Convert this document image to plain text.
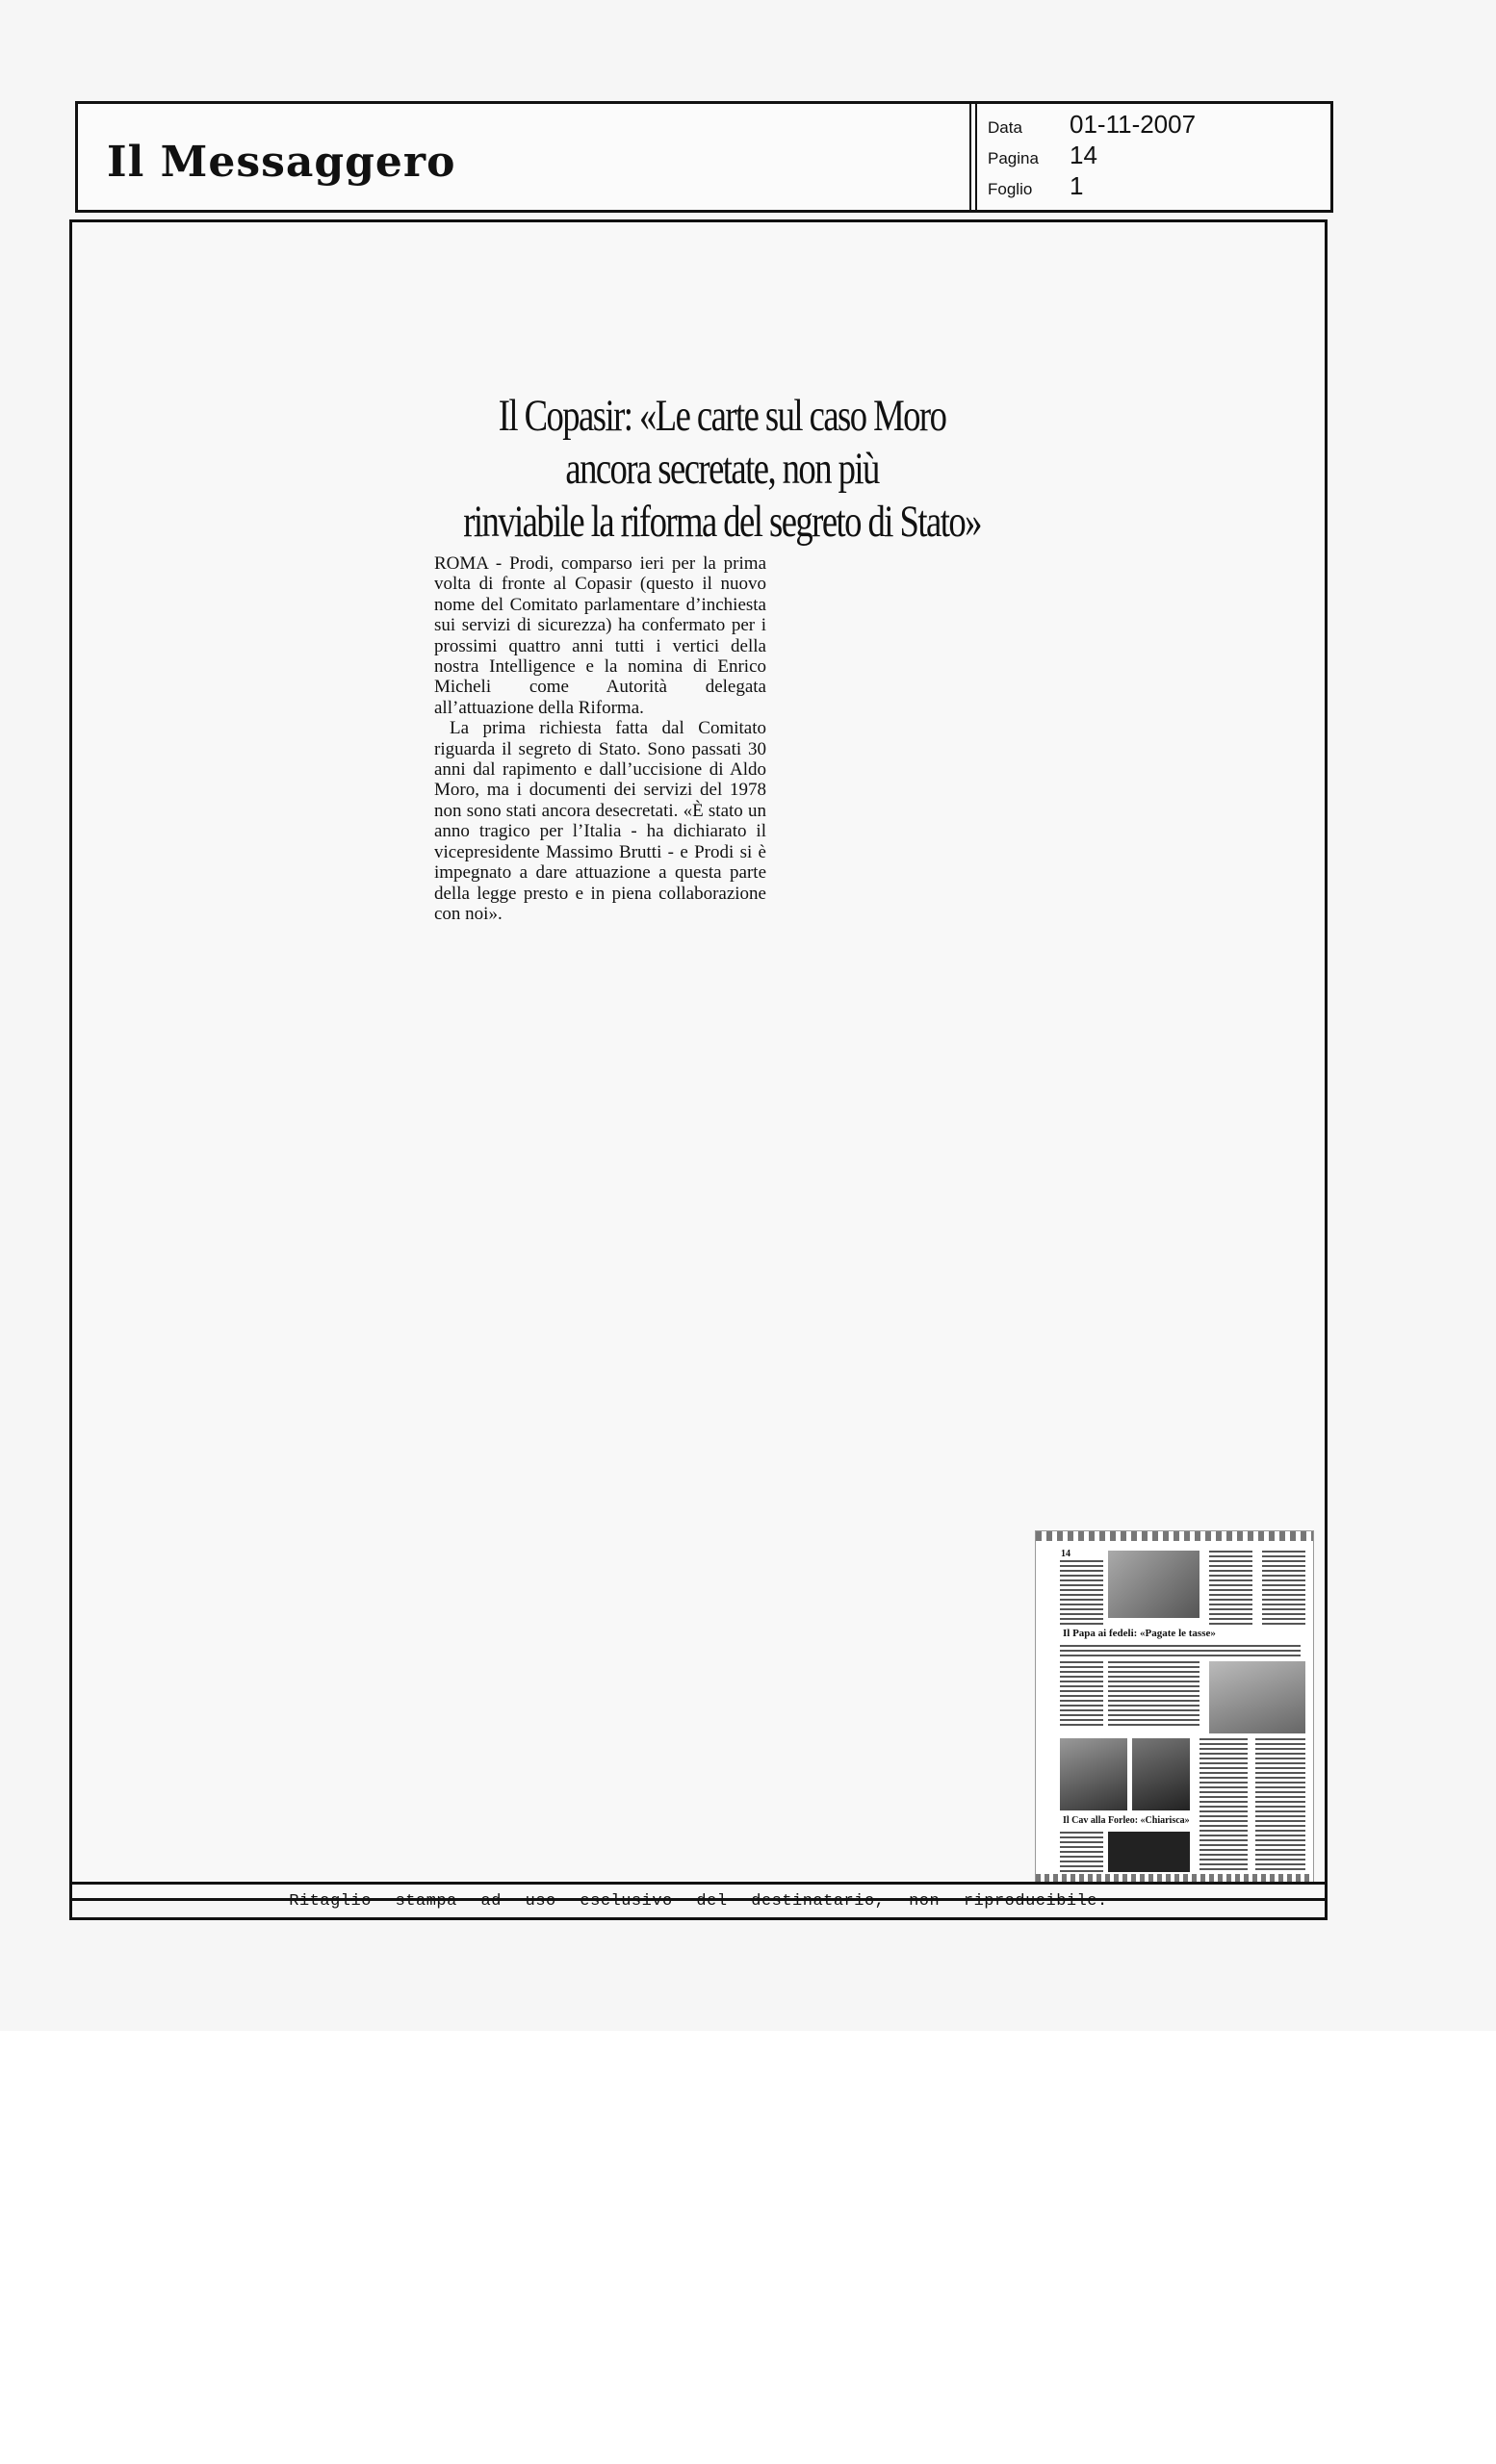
Il Messaggero
Data	01-11-2007
Pagina	14
Foglio	1
Il Copasir: «Le carte sul caso Moro
ancora secretate, non più
rinviabile la riforma del segreto di Stato»

ROMA - Prodi, comparso ieri per la prima volta di fronte al Copasir (questo il nuovo nome del Comitato parlamentare d’inchiesta sui servizi di sicurezza) ha confermato per i prossimi quattro anni tutti i vertici della nostra Intelligence e la nomina di Enrico Micheli come Autorità delegata all’attuazione della Riforma.

La prima richiesta fatta dal Comitato riguarda il segreto di Stato. Sono passati 30 anni dal rapimento e dall’uccisione di Aldo Moro, ma i documenti dei servizi del 1978 non sono stati ancora desecretati. «È stato un anno tragico per l’Italia - ha dichiarato il vicepresidente Massimo Brutti - e Prodi si è impegnato a dare attuazione a questa parte della legge presto e in piena collaborazione con noi».

14
Il Papa ai fedeli: «Pagate le tasse»
Il Cav alla Forleo: «Chiarisca»
Ritaglio stampa ad uso esclusivo del destinatario, non riproducibile.
